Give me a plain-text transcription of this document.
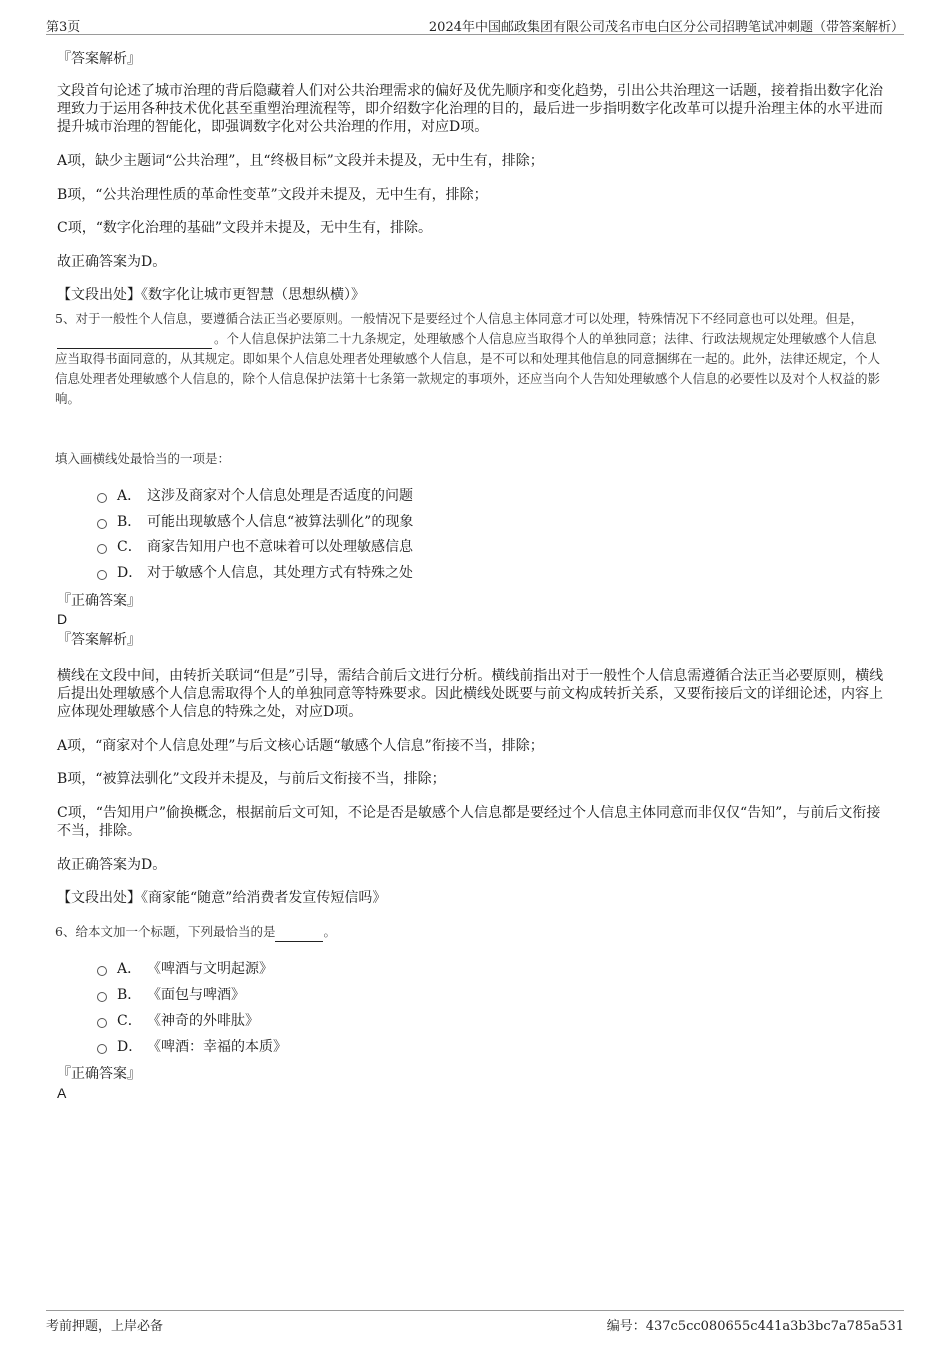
第3页	2024年中国邮政集团有限公司茂名市电白区分公司招聘笔试冲刺题（带答案解析）
『答案解析』

文段首句论述了城市治理的背后隐藏着人们对公共治理需求的偏好及优先顺序和变化趋势，引出公共治理这一话题，接着指出数字化治理致力于运用各种技术优化甚至重塑治理流程等，即介绍数字化治理的目的，最后进一步指明数字化改革可以提升治理主体的水平进而提升城市治理的智能化，即强调数字化对公共治理的作用，对应D项。

A项，缺少主题词“公共治理”，且“终极目标”文段并未提及，无中生有，排除；

B项，“公共治理性质的革命性变革”文段并未提及，无中生有，排除；

C项，“数字化治理的基础”文段并未提及，无中生有，排除。

故正确答案为D。

【文段出处】《数字化让城市更智慧（思想纵横）》

5、对于一般性个人信息，要遵循合法正当必要原则。一般情况下是要经过个人信息主体同意才可以处理，特殊情况下不经同意也可以处理。但是，。个人信息保护法第二十九条规定，处理敏感个人信息应当取得个人的单独同意；法律、行政法规规定处理敏感个人信息应当取得书面同意的，从其规定。即如果个人信息处理者处理敏感个人信息，是不可以和处理其他信息的同意捆绑在一起的。此外，法律还规定，个人信息处理者处理敏感个人信息的，除个人信息保护法第十七条第一款规定的事项外，还应当向个人告知处理敏感个人信息的必要性以及对个人权益的影响。

填入画横线处最恰当的一项是：

A． 这涉及商家对个人信息处理是否适度的问题
B． 可能出现敏感个人信息“被算法驯化”的现象
C． 商家告知用户也不意味着可以处理敏感信息
D． 对于敏感个人信息，其处理方式有特殊之处
『正确答案』
D
『答案解析』

横线在文段中间，由转折关联词“但是”引导，需结合前后文进行分析。横线前指出对于一般性个人信息需遵循合法正当必要原则，横线后提出处理敏感个人信息需取得个人的单独同意等特殊要求。因此横线处既要与前文构成转折关系，又要衔接后文的详细论述，内容上应体现处理敏感个人信息的特殊之处，对应D项。

A项，“商家对个人信息处理”与后文核心话题“敏感个人信息”衔接不当，排除；

B项，“被算法驯化”文段并未提及，与前后文衔接不当，排除；

C项，“告知用户”偷换概念，根据前后文可知，不论是否是敏感个人信息都是要经过个人信息主体同意而非仅仅“告知”，与前后文衔接不当，排除。

故正确答案为D。

【文段出处】《商家能“随意”给消费者发宣传短信吗》

6、给本文加一个标题，下列最恰当的是	。

A． 《啤酒与文明起源》
B． 《面包与啤酒》
C． 《神奇的外啡肽》
D． 《啤酒：幸福的本质》
『正确答案』
A
考前押题，上岸必备	编号：437c5cc080655c441a3b3bc7a785a531
